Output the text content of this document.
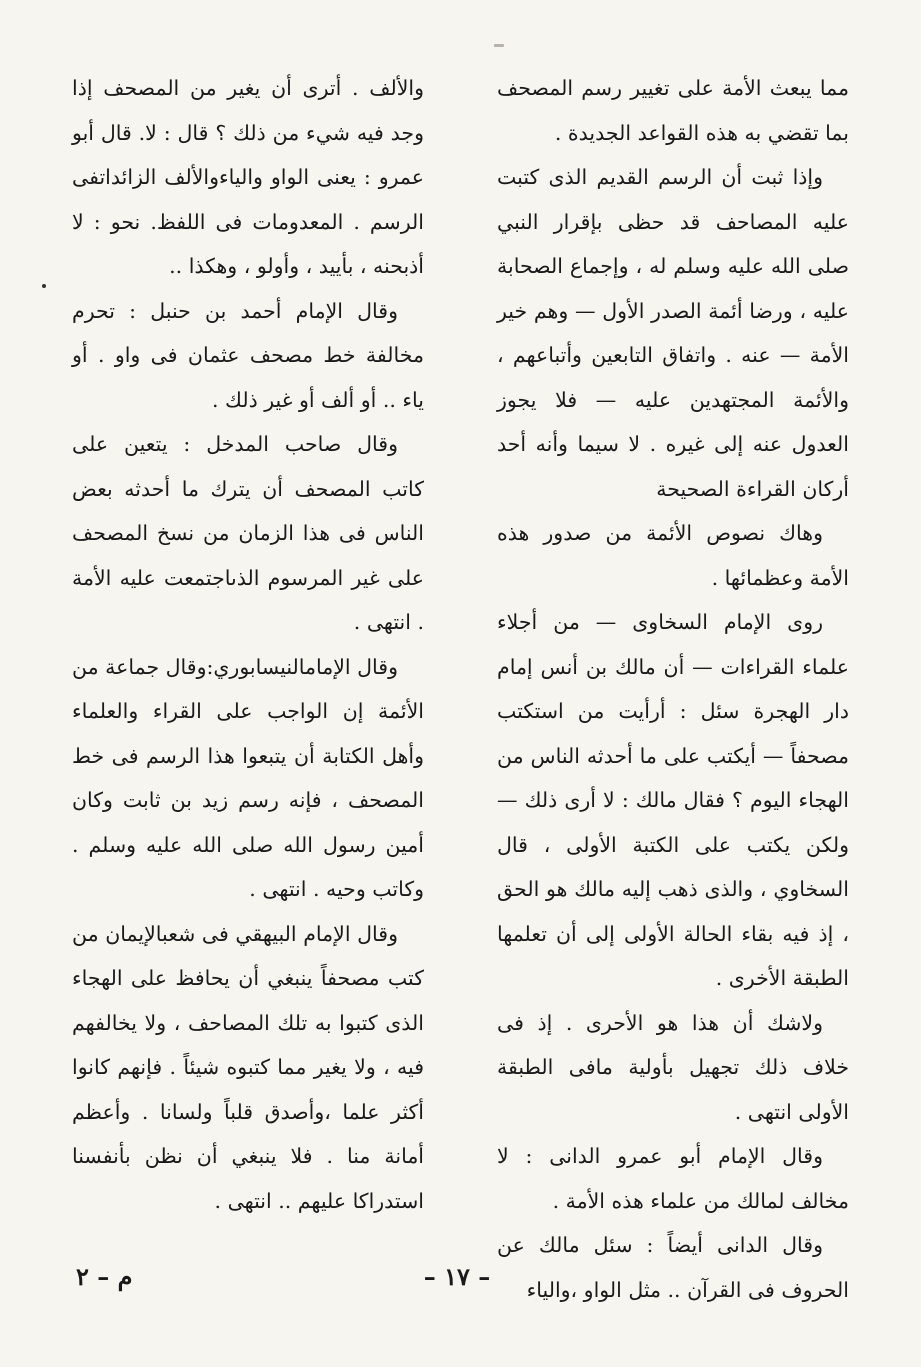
مما يبعث الأمة على تغيير رسم المصحف بما تقضي به هذه القواعد الجديدة .

وإذا ثبت أن الرسم القديم الذى كتبت عليه المصاحف قد حظى بإقرار النبي صلى الله عليه وسلم له ، وإجماع الصحابة عليه ، ورضا أئمة الصدر الأول — وهم خير الأمة — عنه . واتفاق التابعين وأتباعهم ، والأئمة المجتهدين عليه — فلا يجوز العدول عنه إلى غيره . لا سيما وأنه أحد أركان القراءة الصحيحة

وهاك نصوص الأئمة من صدور هذه الأمة وعظمائها .

روى الإمام السخاوى — من أجلاء علماء القراءات — أن مالك بن أنس إمام دار الهجرة سئل : أرأيت من استكتب مصحفاً — أيكتب على ما أحدثه الناس من الهجاء اليوم ؟ فقال مالك : لا أرى ذلك — ولكن يكتب على الكتبة الأولى ، قال السخاوي ، والذى ذهب إليه مالك هو الحق ، إذ فيه بقاء الحالة الأولى إلى أن تعلمها الطبقة الأخرى .

ولاشك أن هذا هو الأحرى . إذ فى خلاف ذلك تجهيل بأولية مافى الطبقة الأولى انتهى .

وقال الإمام أبو عمرو الدانى : لا مخالف لمالك من علماء هذه الأمة .

وقال الدانى أيضاً : سئل مالك عن الحروف فى القرآن .. مثل الواو ،والياء

والألف . أترى أن يغير من المصحف إذا وجد فيه شيء من ذلك ؟ قال : لا. قال أبو عمرو : يعنى الواو والياءوالألف الزائداتفى الرسم . المعدومات فى اللفظ. نحو : لا أذبحنه ، بأييد ، وأولو ، وهكذا ..

وقال الإمام أحمد بن حنبل : تحرم مخالفة خط مصحف عثمان فى واو . أو ياء .. أو ألف أو غير ذلك .

وقال صاحب المدخل : يتعين على كاتب المصحف أن يترك ما أحدثه بعض الناس فى هذا الزمان من نسخ المصحف على غير المرسوم الذىاجتمعت عليه الأمة . انتهى .

وقال الإمامالنيسابوري:وقال جماعة من الأئمة إن الواجب على القراء والعلماء وأهل الكتابة أن يتبعوا هذا الرسم فى خط المصحف ، فإنه رسم زيد بن ثابت وكان أمين رسول الله صلى الله عليه وسلم . وكاتب وحيه . انتهى .

وقال الإمام البيهقي فى شعبالإيمان من كتب مصحفاً ينبغي أن يحافظ على الهجاء الذى كتبوا به تلك المصاحف ، ولا يخالفهم فيه ، ولا يغير مما كتبوه شيئاً . فإنهم كانوا أكثر علما ،وأصدق قلباً ولسانا . وأعظم أمانة منا . فلا ينبغي أن نظن بأنفسنا استدراكا عليهم .. انتهى .

م – ٢	– ١٧ –
